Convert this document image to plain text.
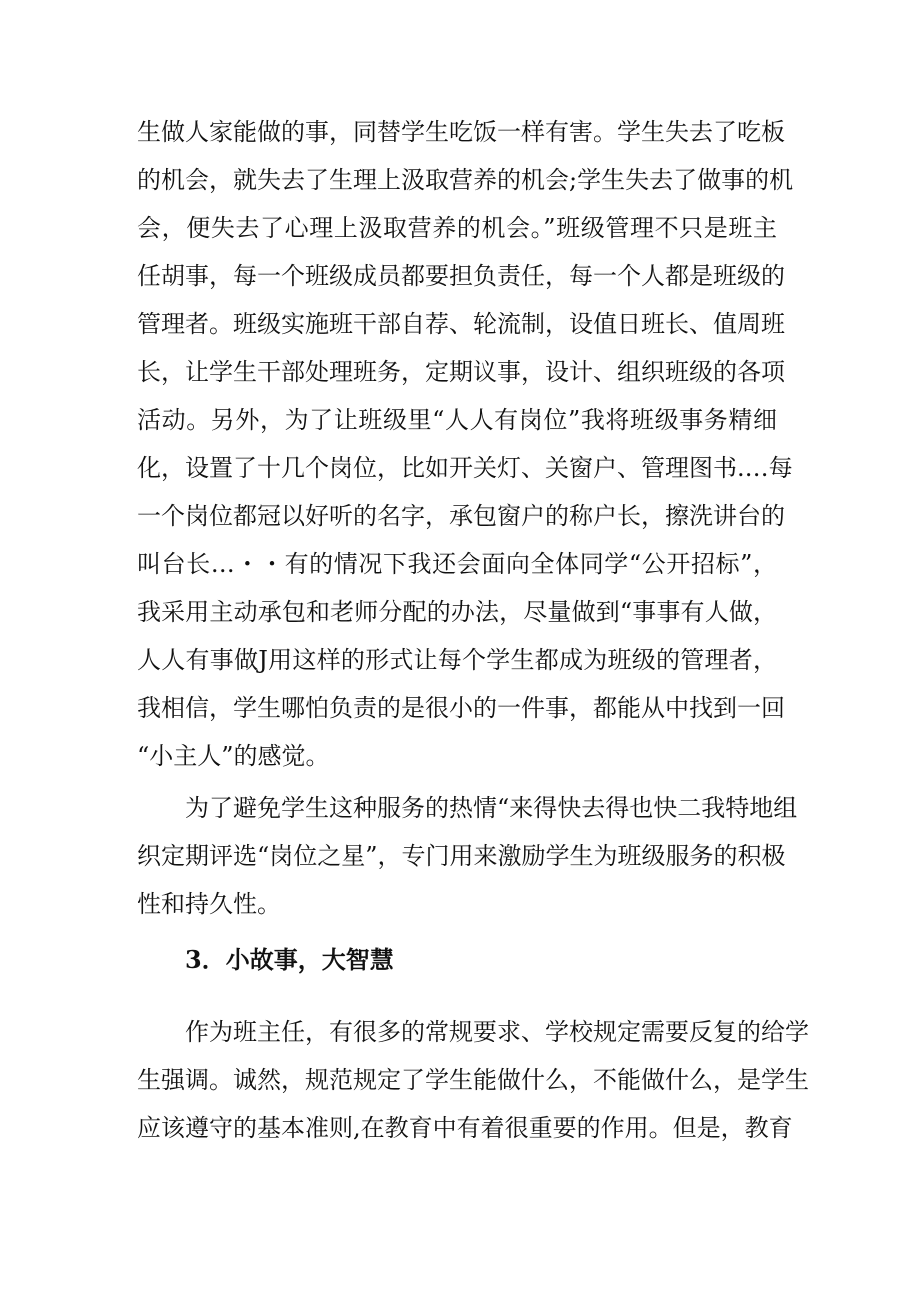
生做人家能做的事，同替学生吃饭一样有害。学生失去了吃板
的机会，就失去了生理上汲取营养的机会;学生失去了做事的机
会，便失去了心理上汲取营养的机会。”班级管理不只是班主
任胡事，每一个班级成员都要担负责任，每一个人都是班级的
管理者。班级实施班干部自荐、轮流制，设值日班长、值周班
长，让学生干部处理班务，定期议事，设计、组织班级的各项
活动。另外，为了让班级里“人人有岗位”我将班级事务精细
化，设置了十几个岗位，比如开关灯、关窗户、管理图书.…每
一个岗位都冠以好听的名字，承包窗户的称户长，擦洗讲台的
叫台长…・・有的情况下我还会面向全体同学“公开招标”，
我采用主动承包和老师分配的办法，尽量做到“事事有人做，
人人有事做J用这样的形式让每个学生都成为班级的管理者，
我相信，学生哪怕负责的是很小的一件事，都能从中找到一回
“小主人”的感觉。
为了避免学生这种服务的热情“来得快去得也快二我特地组
织定期评选“岗位之星”，专门用来激励学生为班级服务的积极
性和持久性。
3．小故事，大智慧
作为班主任，有很多的常规要求、学校规定需要反复的给学
生强调。诚然，规范规定了学生能做什么，不能做什么，是学生
应该遵守的基本准则,在教育中有着很重要的作用。但是，教育
